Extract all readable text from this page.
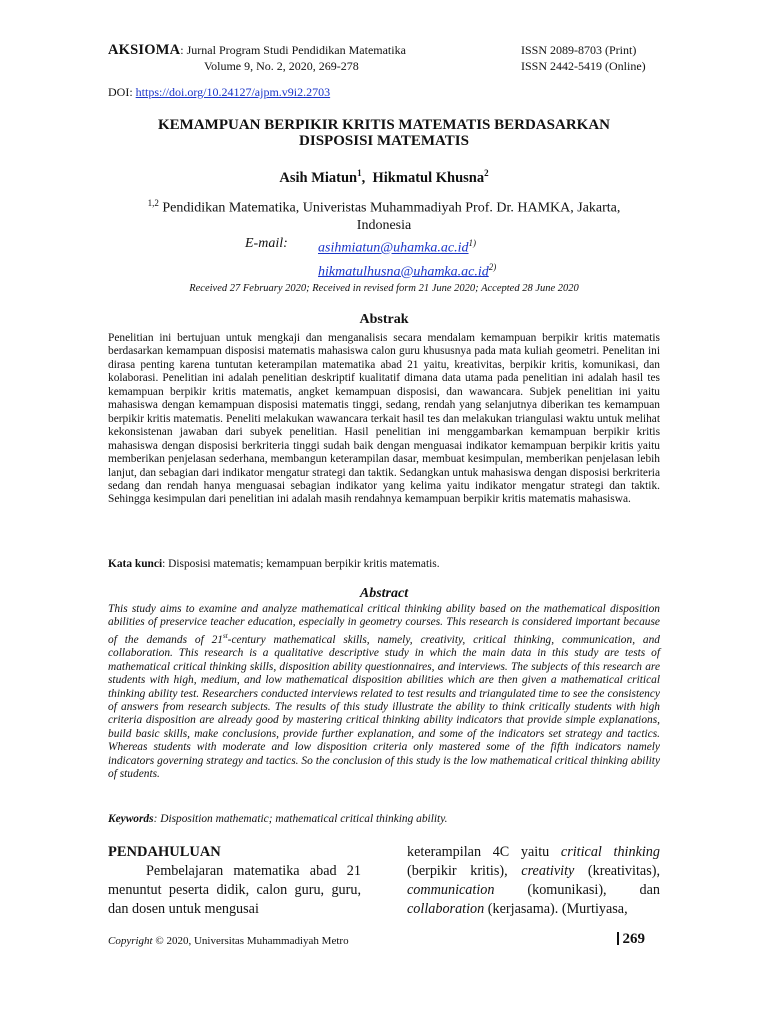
AKSIOMA: Jurnal Program Studi Pendidikan Matematika
Volume 9, No. 2, 2020, 269-278
ISSN 2089-8703 (Print)
ISSN 2442-5419 (Online)
DOI: https://doi.org/10.24127/ajpm.v9i2.2703
KEMAMPUAN BERPIKIR KRITIS MATEMATIS BERDASARKAN
DISPOSISI MATEMATIS
Asih Miatun$^1$,  Hikmatul Khusna$^2$
$^{1,2}$ Pendidikan Matematika, Univeristas Muhammadiyah Prof. Dr. HAMKA, Jakarta,
Indonesia
E-mail: $asihmiatun@uhamka.ac.id^{1)}$
$hikmatulhusna@uhamka.ac.id^{2)}$
Received 27 February 2020; Received in revised form 21 June 2020; Accepted 28 June 2020
Abstrak

Penelitian ini bertujuan untuk mengkaji dan menganalisis secara mendalam kemampuan berpikir kritis matematis berdasarkan kemampuan disposisi matematis mahasiswa calon guru khususnya pada mata kuliah geometri. Penelitan ini dirasa penting karena tuntutan keterampilan matematika abad 21 yaitu, kreativitas, berpikir kritis, komunikasi, dan kolaborasi. Penelitian ini adalah penelitian deskriptif kualitatif dimana data utama pada penelitian ini adalah hasil tes kemampuan berpikir kritis matematis, angket kemampuan disposisi, dan wawancara. Subjek penelitian ini yaitu mahasiswa dengan kemampuan disposisi matematis tinggi, sedang, rendah yang selanjutnya diberikan tes kemampuan berpikir kritis matematis. Peneliti melakukan wawancara terkait hasil tes dan melakukan triangulasi waktu untuk melihat kekonsistenan jawaban dari subyek penelitian. Hasil penelitian ini menggambarkan kemampuan berpikir kritis mahasiswa dengan disposisi berkriteria tinggi sudah baik dengan menguasai indikator kemampuan berpikir kritis yaitu memberikan penjelasan sederhana, membangun keterampilan dasar, membuat kesimpulan, memberikan penjelasan lebih lanjut, dan sebagian dari indikator mengatur strategi dan taktik. Sedangkan untuk mahasiswa dengan disposisi berkriteria sedang dan rendah hanya menguasai sebagian indikator yang kelima yaitu indikator mengatur strategi dan taktik. Sehingga kesimpulan dari penelitian ini adalah masih rendahnya kemampuan berpikir kritis matematis mahasiswa.

Kata kunci: Disposisi matematis; kemampuan berpikir kritis matematis.
Abstract

This study aims to examine and analyze mathematical critical thinking ability based on the mathematical disposition abilities of preservice teacher education, especially in geometry courses. This research is considered important because of the demands of 21st-century mathematical skills, namely, creativity, critical thinking, communication, and collaboration. This research is a qualitative descriptive study in which the main data in this study are tests of mathematical critical thinking skills, disposition ability questionnaires, and interviews. The subjects of this research are students with high, medium, and low mathematical disposition abilities which are then given a mathematical critical thinking ability test. Researchers conducted interviews related to test results and triangulated time to see the consistency of answers from research subjects. The results of this study illustrate the ability to think critically students with high criteria disposition are already good by mastering critical thinking ability indicators that provide simple explanations, build basic skills, make conclusions, provide further explanation, and some of the indicators set strategy and tactics. Whereas students with moderate and low disposition criteria only mastered some of the fifth indicators namely indicators governing strategy and tactics. So the conclusion of this study is the low mathematical critical thinking ability of students.

Keywords: Disposition mathematic; mathematical critical thinking ability.
PENDAHULUAN
Pembelajaran matematika abad 21 menuntut peserta didik, calon guru, guru, dan dosen untuk mengusai
keterampilan 4C yaitu critical thinking (berpikir kritis), creativity (kreativitas), communication (komunikasi), dan collaboration (kerjasama). (Murtiyasa,
Copyright © 2020, Universitas Muhammadiyah Metro	269
